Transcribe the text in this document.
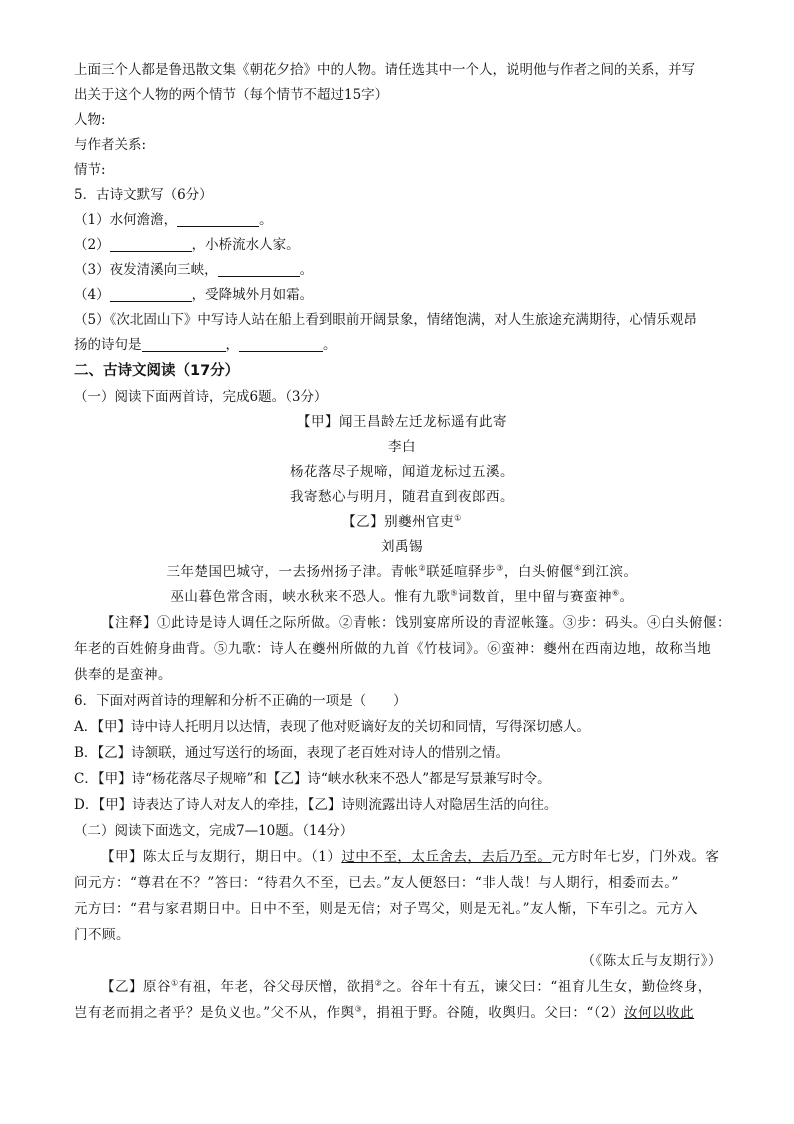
上面三个人都是鲁迅散文集《朝花夕拾》中的人物。请任选其中一个人，说明他与作者之间的关系，并写
出关于这个人物的两个情节（每个情节不超过15字）
人物:
与作者关系:
情节:
5．古诗文默写（6分）
（1）水何澹澹，	。
（2）	，小桥流水人家。
（3）夜发清溪向三峡，	。
（4）	，受降城外月如霜。
（5）《次北固山下》中写诗人站在船上看到眼前开阔景象，情绪饱满，对人生旅途充满期待，心情乐观昂
扬的诗句是	，	。
二、古诗文阅读（17分）
（一）阅读下面两首诗，完成6题。（3分）
【甲】闻王昌龄左迁龙标遥有此寄
李白
杨花落尽子规啼，闻道龙标过五溪。
我寄愁心与明月，随君直到夜郎西。
【乙】别夔州官吏①
刘禹锡
三年楚国巴城守，一去扬州扬子津。青帐②联延喧驿步③，白头俯偃④到江滨。
巫山暮色常含雨，峡水秋来不恐人。惟有九歌⑤词数首，里中留与赛蛮神⑥。
【注释】①此诗是诗人调任之际所做。②青帐：饯别宴席所设的青涩帐篷。③步：码头。④白头俯偃：
年老的百姓俯身曲背。⑤九歌：诗人在夔州所做的九首《竹枝词》。⑥蛮神：夔州在西南边地，故称当地
供奉的是蛮神。
6．下面对两首诗的理解和分析不正确的一项是（　　）
A．【甲】诗中诗人托明月以达情，表现了他对贬谪好友的关切和同情，写得深切感人。
B．【乙】诗颔联，通过写送行的场面，表现了老百姓对诗人的惜别之情。
C．【甲】诗“杨花落尽子规啼”和【乙】诗“峡水秋来不恐人”都是写景兼写时令。
D．【甲】诗表达了诗人对友人的牵挂，【乙】诗则流露出诗人对隐居生活的向往。
（二）阅读下面选文，完成7—10题。（14分）
【甲】陈太丘与友期行，期日中。（1）过中不至，太丘舍去，去后乃至。元方时年七岁，门外戏。客
问元方：“尊君在不？”答曰：“待君久不至，已去。”友人便怒曰：“非人哉！与人期行，相委而去。”
元方曰：“君与家君期日中。日中不至，则是无信；对子骂父，则是无礼。”友人惭，下车引之。元方入
门不顾。
（《陈太丘与友期行》）
【乙】原谷①有祖，年老，谷父母厌憎，欲捐②之。谷年十有五，谏父曰：“祖育儿生女，勤俭终身，
岂有老而捐之者乎？是负义也。”父不从，作舆③，捐祖于野。谷随，收舆归。父曰：“（2）汝何以收此
